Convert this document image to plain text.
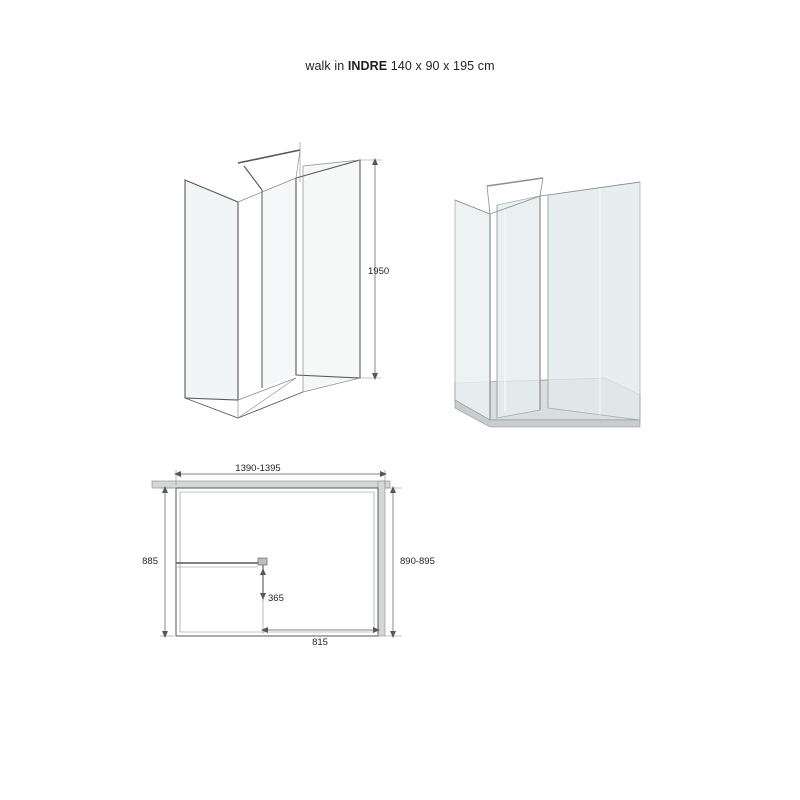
walk in INDRE 140 x 90 x 195 cm
1950
1390-1395
885	890-895
365
815
